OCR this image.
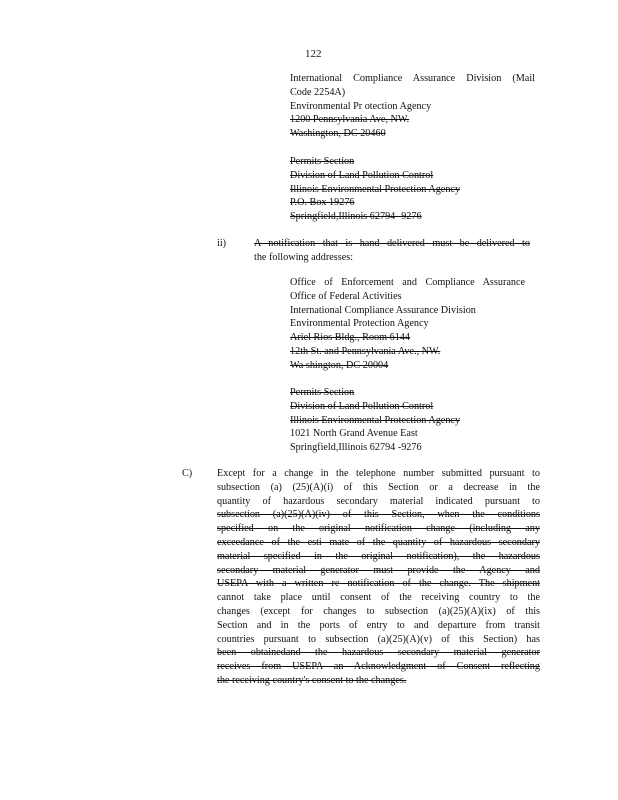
122
International Compliance Assurance Division (Mail
Code 2254A)
Environmental Pr otection Agency
1200 Pennsylvania Ave, NW.
Washington, DC 20460
Permits Section
Division of Land Pollution Control
Illinois Environmental Protection Agency
P.O. Box 19276
Springfield,Illinois 62794 -9276
ii)	A notification that is hand delivered must be delivered to
the following addresses:
Office of Enforcement and Compliance Assurance
Office of Federal Activities
International Compliance Assurance Division
Environmental Protection Agency
Ariel Rios Bldg., Room 6144
12th St. and Pennsylvania Ave., NW.
Wa shington, DC 20004
Permits Section
Division of Land Pollution Control
Illinois Environmental Protection Agency
1021 North Grand Avenue East
Springfield,Illinois 62794 -9276
C) Except for a change in the telephone number submitted pursuant to
subsection (a) (25)(A)(i) of this Section or a decrease in the
quantity of hazardous secondary material indicated pursuant to
subsection (a)(25)(A)(iv) of this Section, when the conditions
specified on the original notification change (including any
exceedance of the esti mate of the quantity of hazardous secondary
material specified in the original notification), the hazardous
secondary material generator must provide the Agency and
USEPA with a written re notification of the change. The shipment
cannot take place until consent of the receiving country to the
changes (except for changes to subsection (a)(25)(A)(ix) of this
Section and in the ports of entry to and departure from transit
countries pursuant to subsection (a)(25)(A)(v) of this Section) has
been obtainedand the hazardous secondary material generator
receives from USEPA an Acknowledgment of Consent reflecting
the receiving country's consent to the changes.
